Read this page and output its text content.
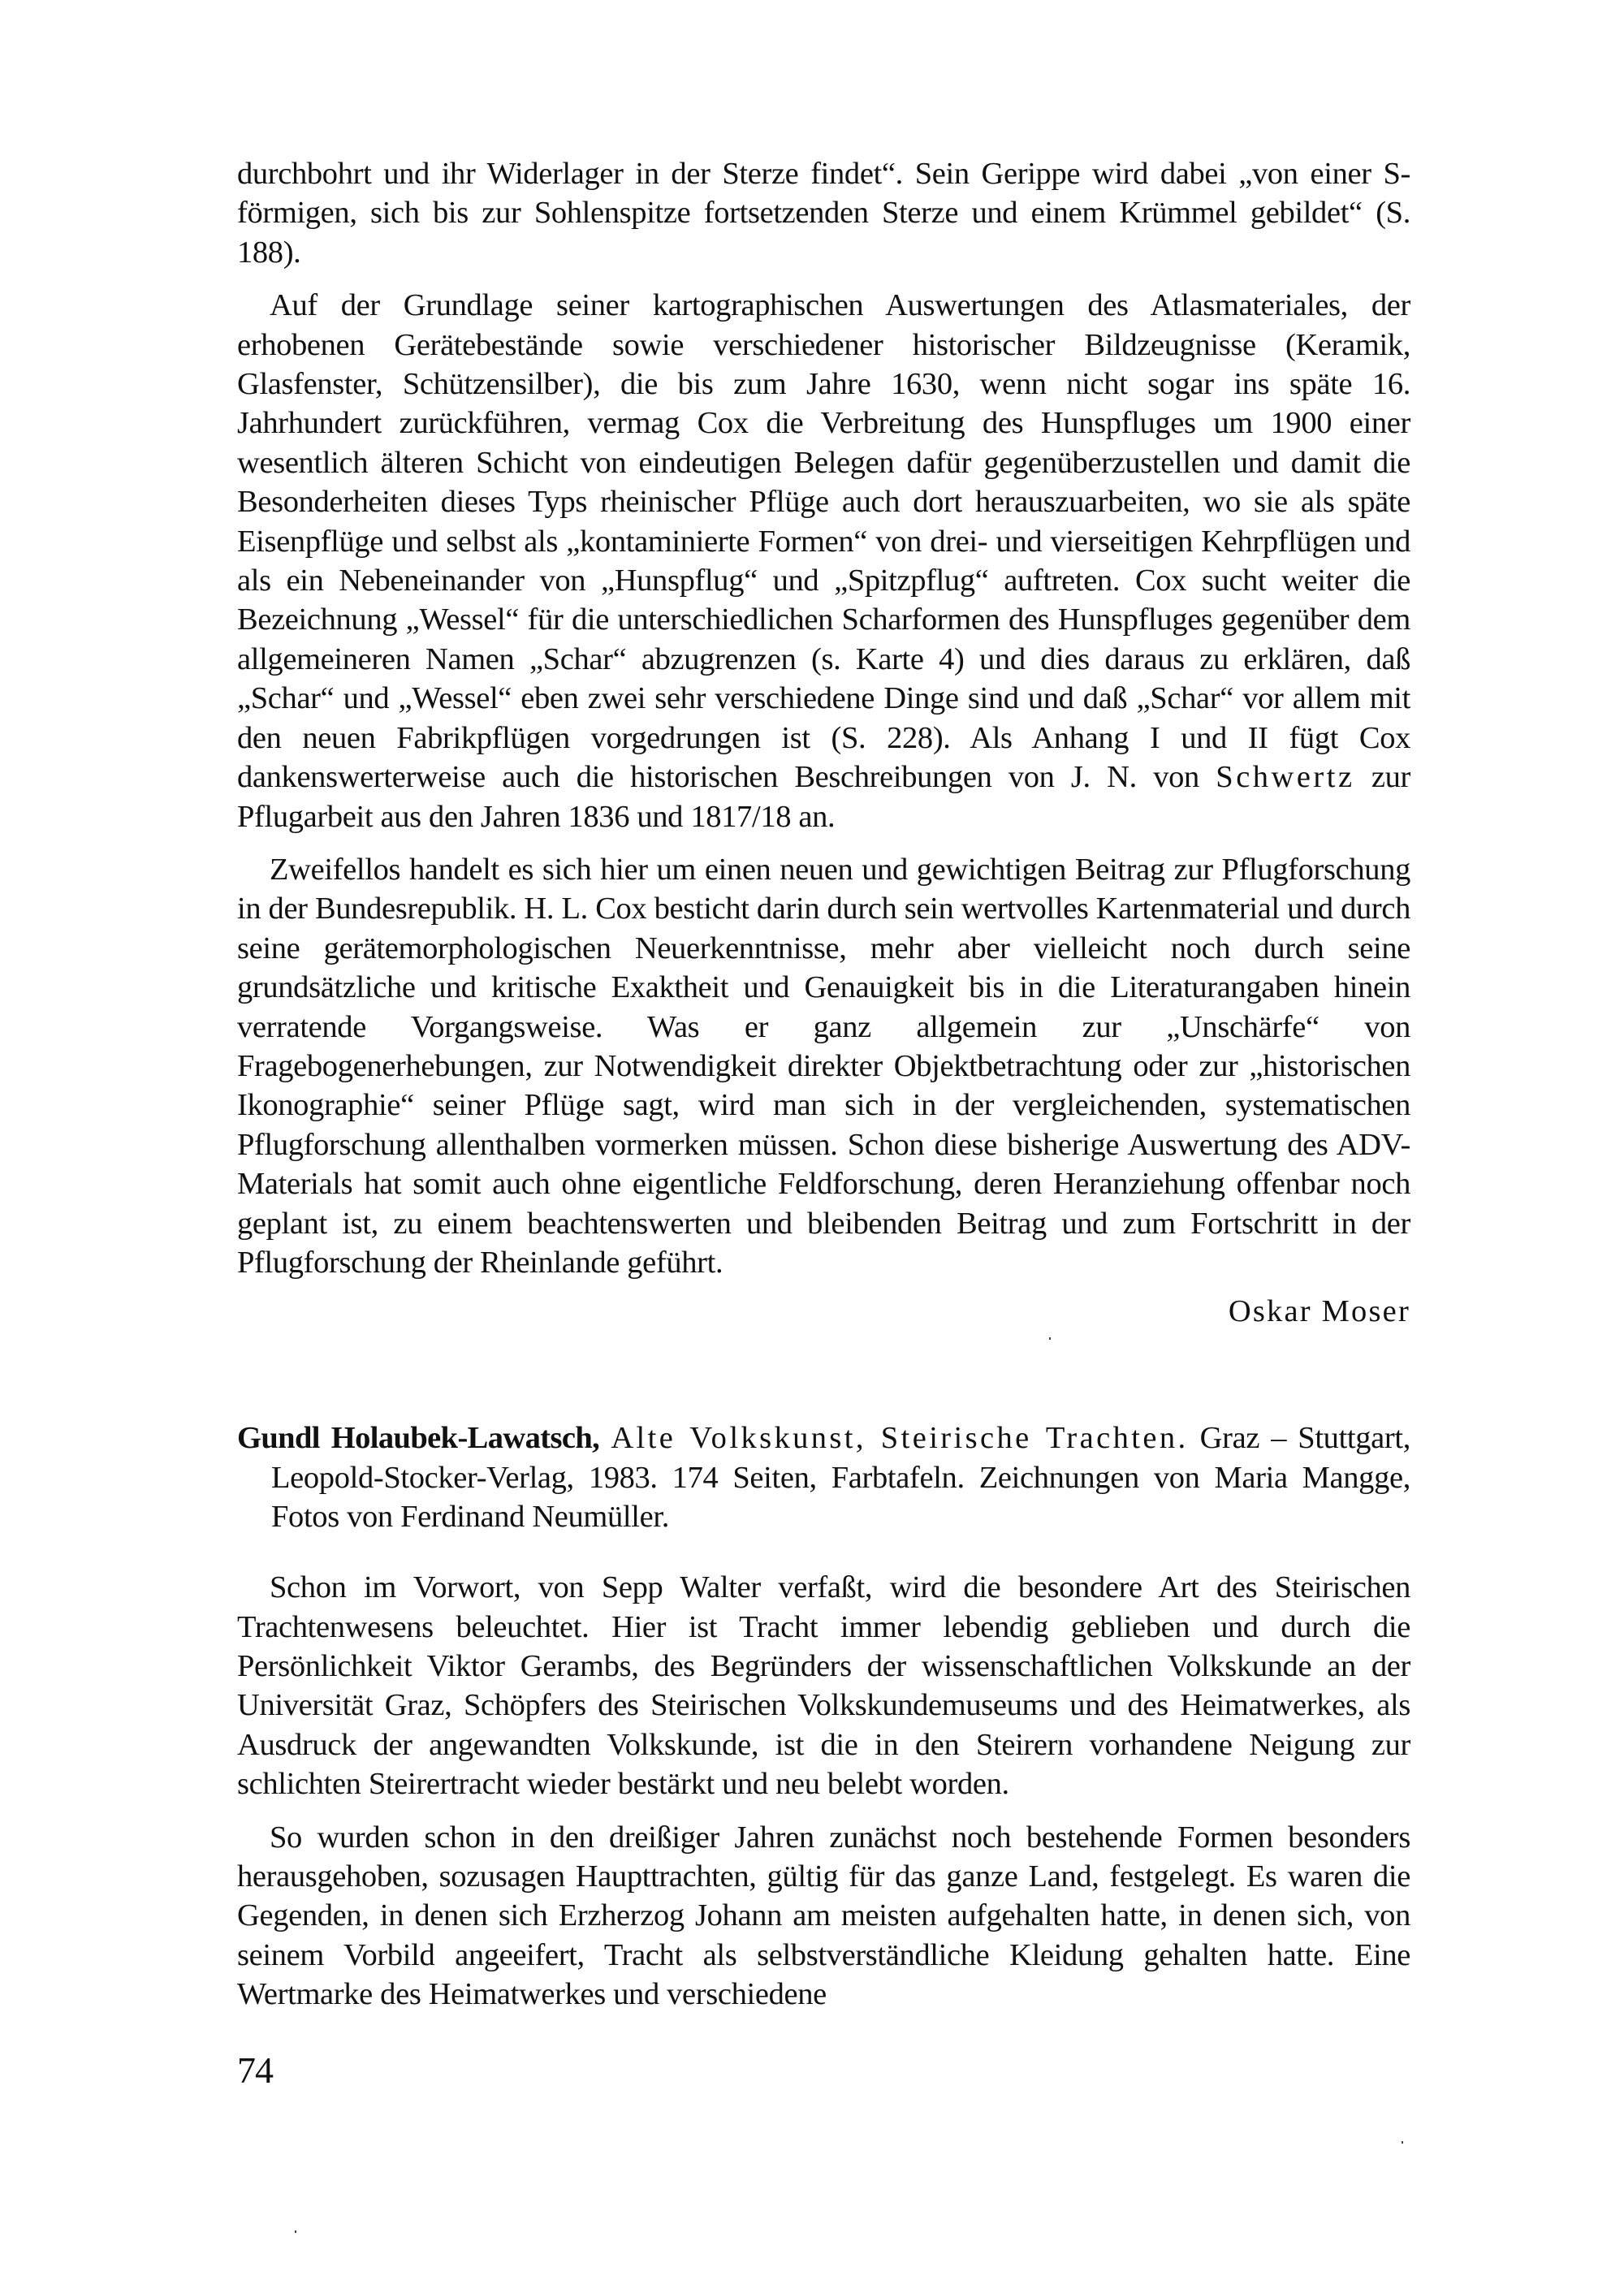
durchbohrt und ihr Widerlager in der Sterze findet“. Sein Gerippe wird dabei „von einer S-förmigen, sich bis zur Sohlenspitze fortsetzenden Sterze und einem Krümmel gebildet“ (S. 188).

Auf der Grundlage seiner kartographischen Auswertungen des Atlasmateriales, der erhobenen Gerätebestände sowie verschiedener historischer Bildzeugnisse (Keramik, Glasfenster, Schützensilber), die bis zum Jahre 1630, wenn nicht sogar ins späte 16. Jahrhundert zurückführen, vermag Cox die Verbreitung des Hunspfluges um 1900 einer wesentlich älteren Schicht von eindeutigen Belegen dafür gegenüberzustellen und damit die Besonderheiten dieses Typs rheinischer Pflüge auch dort herauszuarbeiten, wo sie als späte Eisenpflüge und selbst als „kontaminierte Formen“ von drei- und vierseitigen Kehrpflügen und als ein Nebeneinander von „Hunspflug“ und „Spitzpflug“ auftreten. Cox sucht weiter die Bezeichnung „Wessel“ für die unterschiedlichen Scharformen des Hunspfluges gegenüber dem allgemeineren Namen „Schar“ abzugrenzen (s. Karte 4) und dies daraus zu erklären, daß „Schar“ und „Wessel“ eben zwei sehr verschiedene Dinge sind und daß „Schar“ vor allem mit den neuen Fabrikpflügen vorgedrungen ist (S. 228). Als Anhang I und II fügt Cox dankenswerterweise auch die historischen Beschreibungen von J. N. von Schwertz zur Pflugarbeit aus den Jahren 1836 und 1817/18 an.

Zweifellos handelt es sich hier um einen neuen und gewichtigen Beitrag zur Pflugforschung in der Bundesrepublik. H. L. Cox besticht darin durch sein wertvolles Kartenmaterial und durch seine gerätemorphologischen Neuerkenntnisse, mehr aber vielleicht noch durch seine grundsätzliche und kritische Exaktheit und Genauigkeit bis in die Literaturangaben hinein verratende Vorgangsweise. Was er ganz allgemein zur „Unschärfe“ von Fragebogenerhebungen, zur Notwendigkeit direkter Objektbetrachtung oder zur „historischen Ikonographie“ seiner Pflüge sagt, wird man sich in der vergleichenden, systematischen Pflugforschung allenthalben vormerken müssen. Schon diese bisherige Auswertung des ADV-Materials hat somit auch ohne eigentliche Feldforschung, deren Heranziehung offenbar noch geplant ist, zu einem beachtenswerten und bleibenden Beitrag und zum Fortschritt in der Pflugforschung der Rheinlande geführt.

Oskar Moser

Gundl Holaubek-Lawatsch, Alte Volkskunst, Steirische Trachten. Graz – Stuttgart, Leopold-Stocker-Verlag, 1983. 174 Seiten, Farbtafeln. Zeichnungen von Maria Mangge, Fotos von Ferdinand Neumüller.

Schon im Vorwort, von Sepp Walter verfaßt, wird die besondere Art des Steirischen Trachtenwesens beleuchtet. Hier ist Tracht immer lebendig geblieben und durch die Persönlichkeit Viktor Gerambs, des Begründers der wissenschaftlichen Volkskunde an der Universität Graz, Schöpfers des Steirischen Volkskundemuseums und des Heimatwerkes, als Ausdruck der angewandten Volkskunde, ist die in den Steirern vorhandene Neigung zur schlichten Steirertracht wieder bestärkt und neu belebt worden.

So wurden schon in den dreißiger Jahren zunächst noch bestehende Formen besonders herausgehoben, sozusagen Haupttrachten, gültig für das ganze Land, festgelegt. Es waren die Gegenden, in denen sich Erzherzog Johann am meisten aufgehalten hatte, in denen sich, von seinem Vorbild angeeifert, Tracht als selbstverständliche Kleidung gehalten hatte. Eine Wertmarke des Heimatwerkes und verschiedene

74
